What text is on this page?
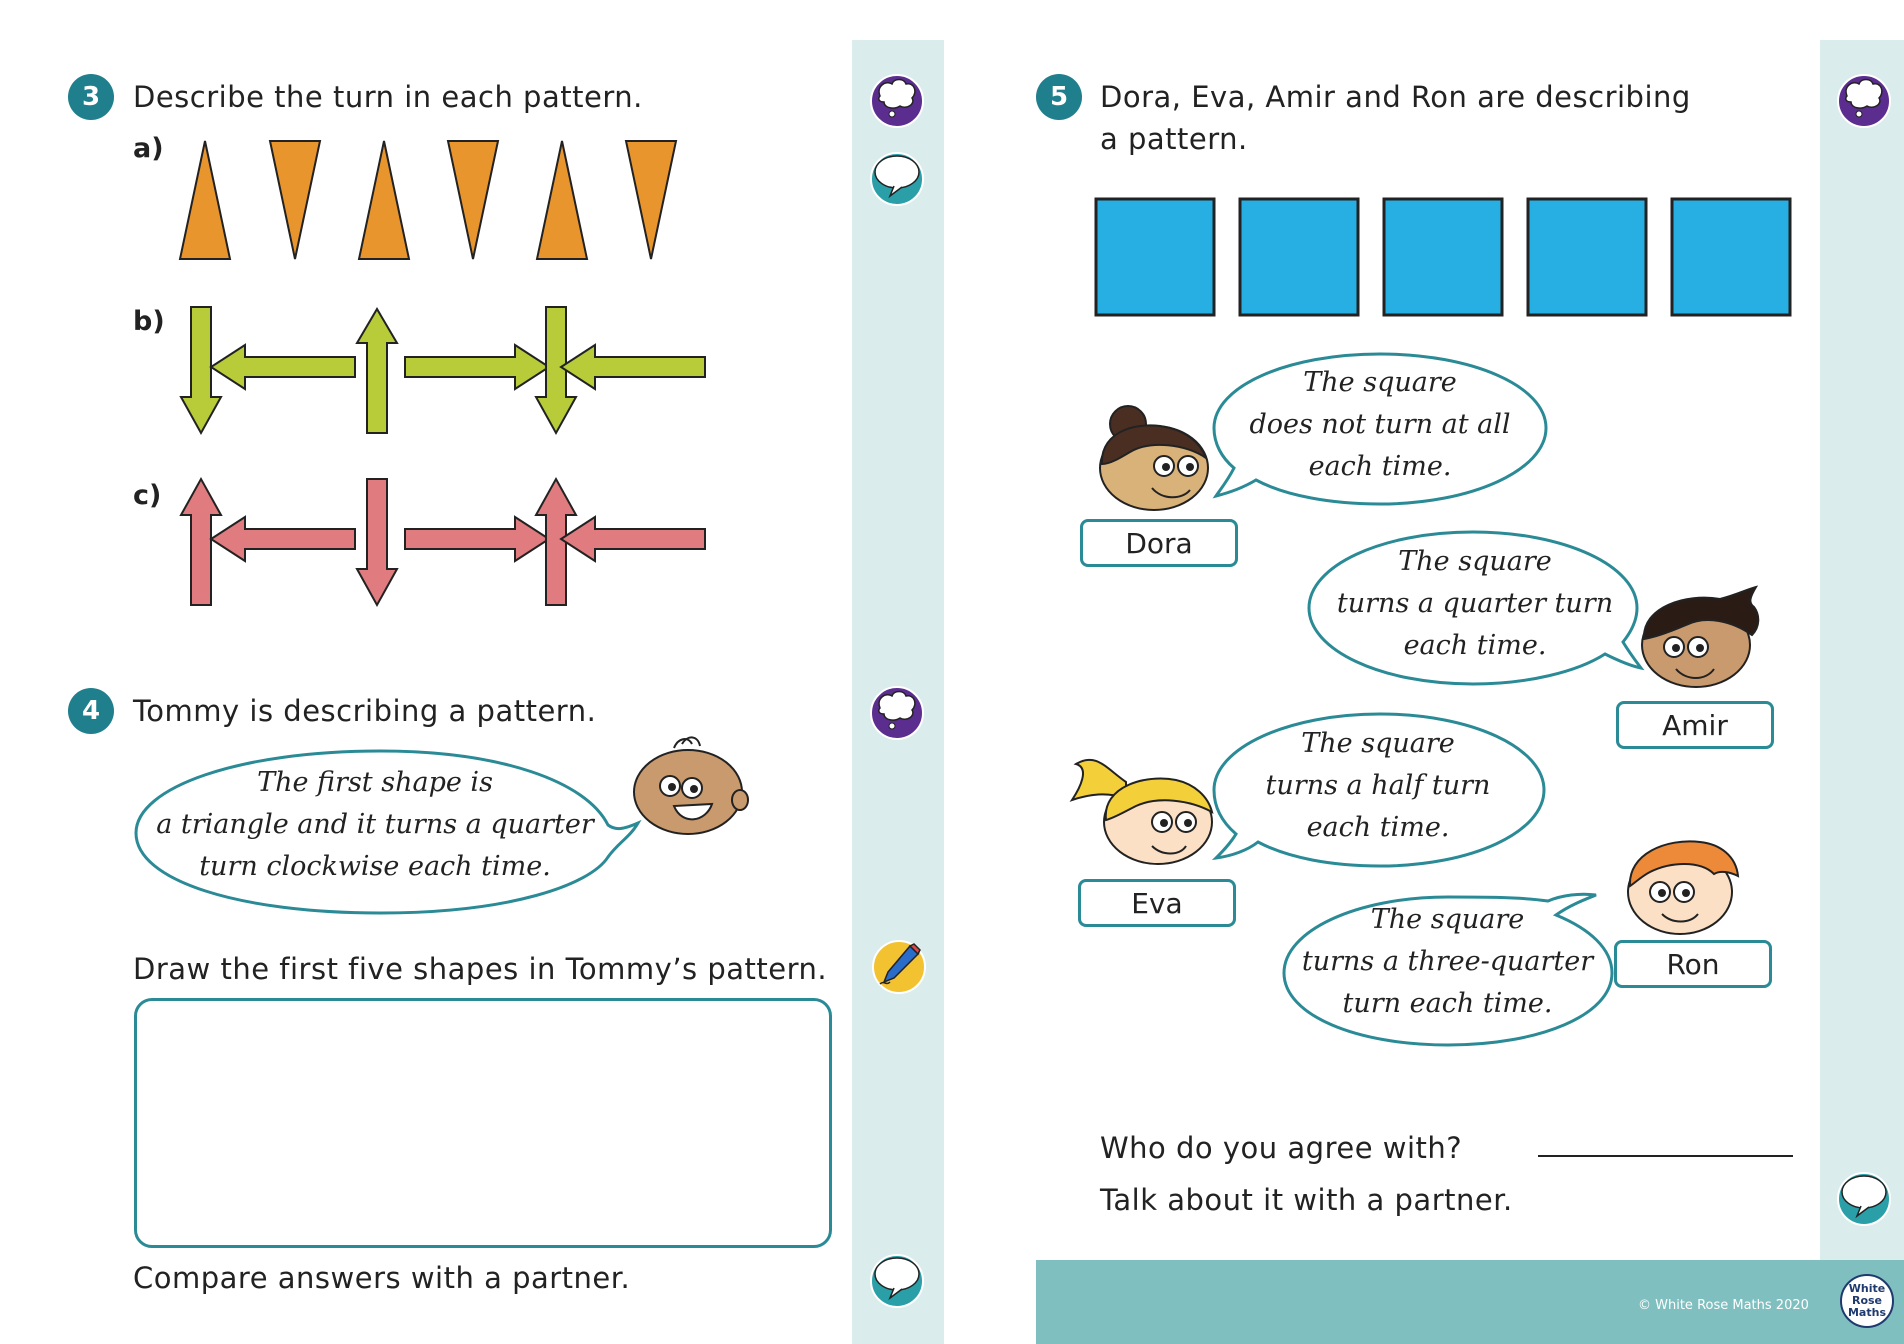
3	Describe the turn in each pattern.
a)
b)
c)
4	Tommy is describing a pattern.
The first shape is
a triangle and it turns a quarter
turn clockwise each time.
Draw the first five shapes in Tommy’s pattern.
Compare answers with a partner.
5	Dora, Eva, Amir and Ron are describing
a pattern.
The square
does not turn at all
each time.
Dora
The square
turns a quarter turn
each time.
Amir
The square
turns a half turn
each time.
Eva	The square
turns a three-quarter
turn each time.
Ron
Who do you agree with?
Talk about it with a partner.
© White Rose Maths 2020
White
Rose
Maths
